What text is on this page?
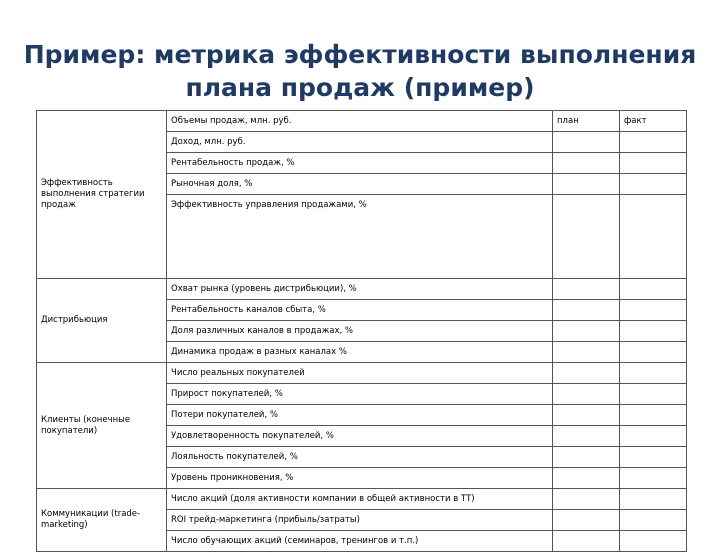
Пример: метрика эффективности выполнения
плана продаж (пример)
Эффективность выполнения стратегии продаж	Объемы продаж, млн. руб.	план	факт
	Доход, млн. руб.		
	Рентабельность продаж, %		
	Рыночная доля, %		
	Эффективность управления продажами, %		
Дистрибьюция	Охват рынка (уровень дистрибьюции), %		
	Рентабельность каналов сбыта, %		
	Доля различных каналов в продажах, %		
	Динамика продаж в разных каналах %		
Клиенты (конечные покупатели)	Число реальных покупателей		
	Прирост покупателей, %		
	Потери покупателей, %		
	Удовлетворенность покупателей, %		
	Лояльность покупателей, %		
	Уровень проникновения, %		
Коммуникации (trade-marketing)	Число акций (доля активности компании в общей активности в ТТ)		
	ROI трейд-маркетинга (прибыль/затраты)		
	Число обучающих акций (семинаров, тренингов и т.п.)		
